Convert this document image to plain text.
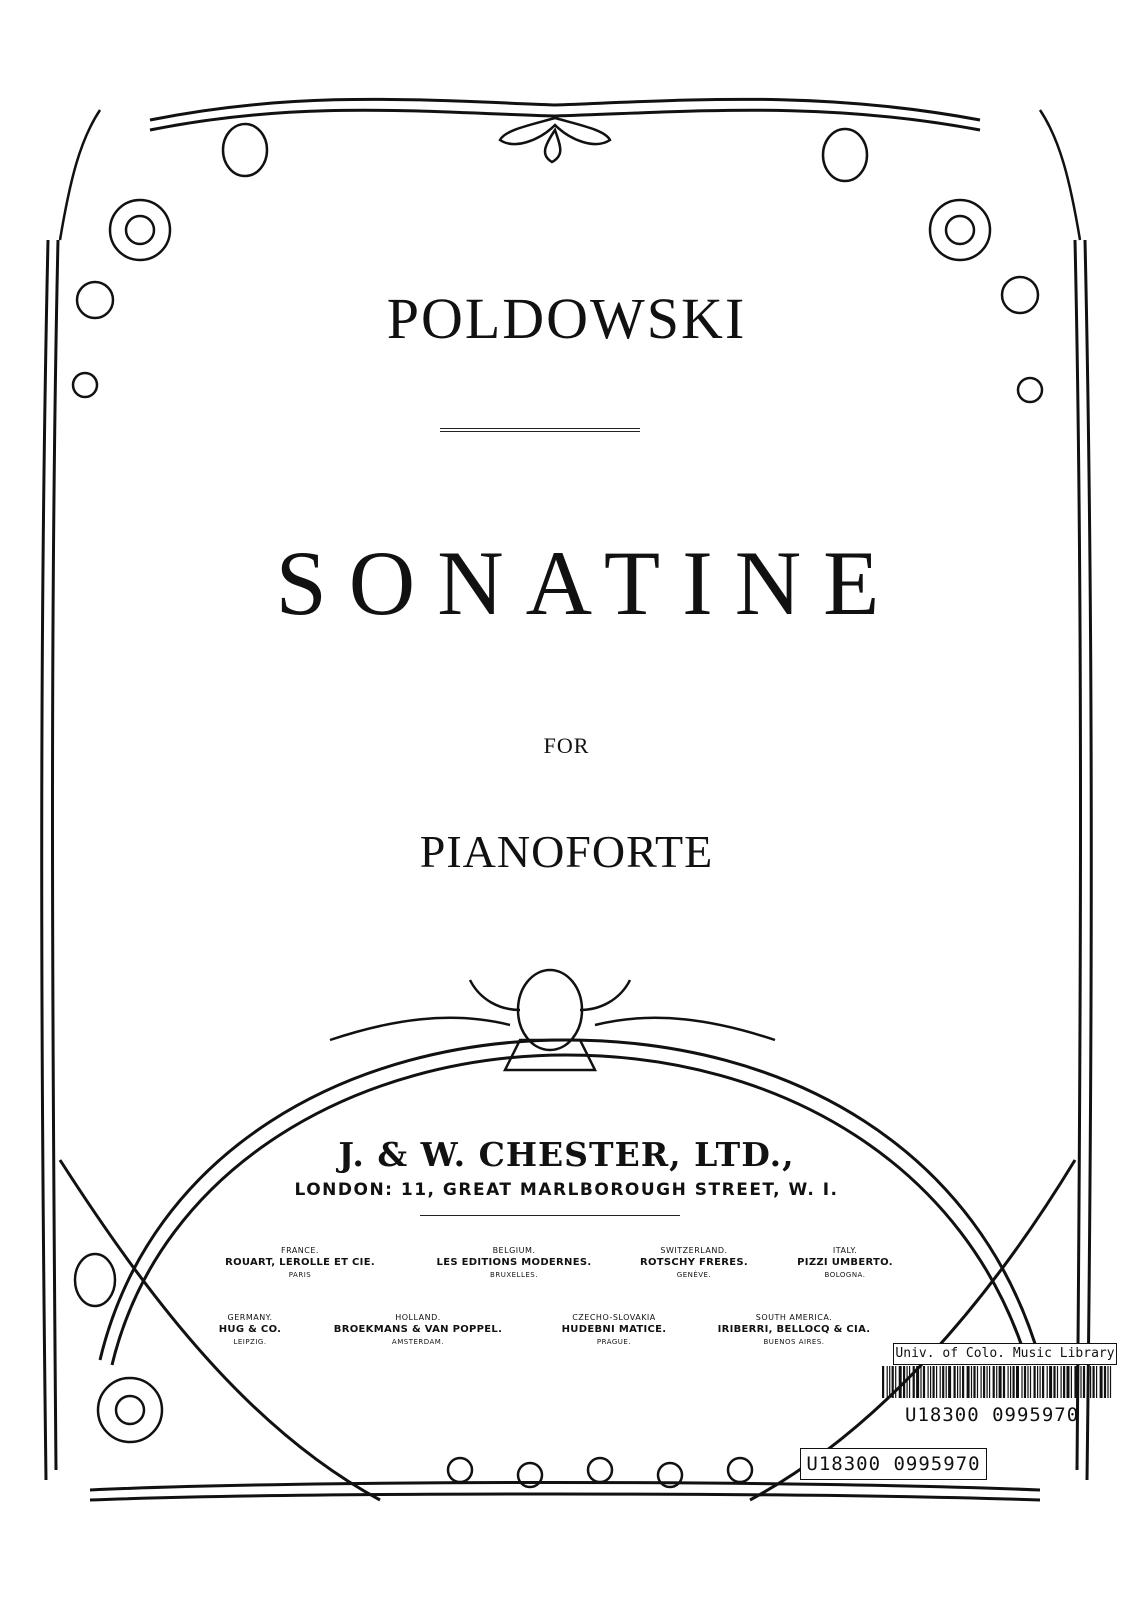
POLDOWSKI
SONATINE
FOR
PIANOFORTE
J. & W. CHESTER, LTD.,
LONDON: 11, GREAT MARLBOROUGH STREET, W. I.
FRANCE.
ROUART, LEROLLE ET CIE.
PARIS
BELGIUM.
LES EDITIONS MODERNES.
BRUXELLES.
SWITZERLAND.
ROTSCHY FRERES.
GENÈVE.
ITALY.
PIZZI UMBERTO.
BOLOGNA.
GERMANY.
HUG & CO.
LEIPZIG.
HOLLAND.
BROEKMANS & VAN POPPEL.
AMSTERDAM.
CZECHO-SLOVAKIA
HUDEBNI MATICE.
PRAGUE.
SOUTH AMERICA.
IRIBERRI, BELLOCQ & CIA.
BUENOS AIRES.
Univ. of Colo. Music Library
U18300 0995970
U18300 0995970
